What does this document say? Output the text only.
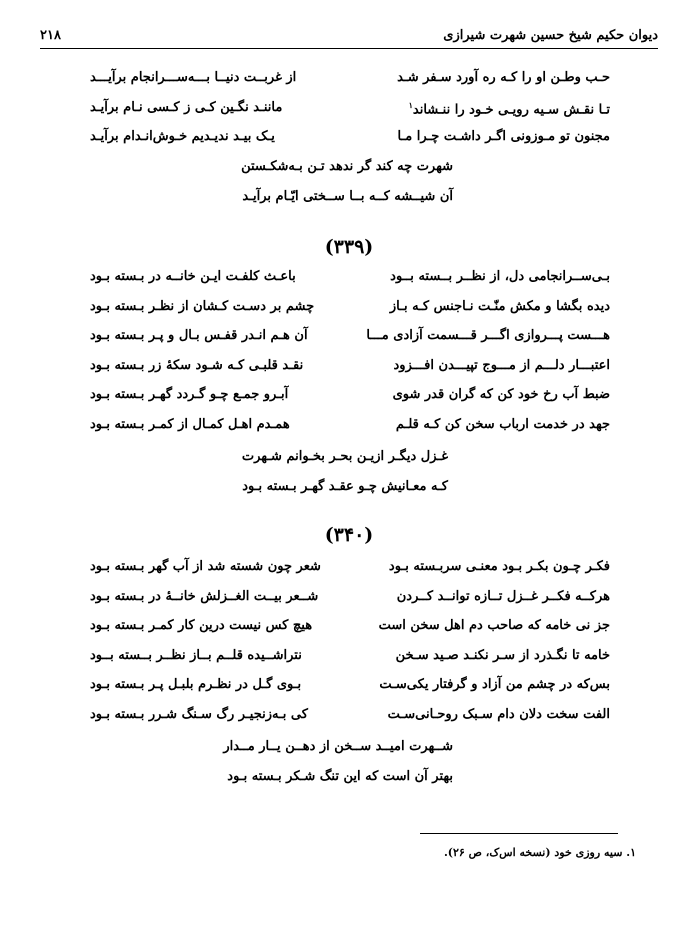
دیوان حکیم شیخ حسین شهرت شیرازی
۲۱۸
حـب وطـن او را کـه ره آورد سـفر شـد
از غربــت دنیــا بـــه‌ســـرانجام برآیـــد
تـا نقـش سـیه رویـی خـود را ننـشاند$^۱$
ماننـد نگـین کـی ز کـسی نـام برآیـد
مجنون تو مـوزونی اگـر داشـت چـرا مـا
یـک بیـد ندیـدیم خـوش‌انـدام برآیـد
شهرت چه کند گر ندهد تـن بـه‌شکـستن
آن شیــشه کــه بــا ســختی ایّـام برآیـد
(۳۳۹)
بـی‌ســرانجامی دل، از نظــر بــسته بــود
باعـث کلفـت ایـن خانــه در بـسته بـود
دیده بگشا و مکش منّـت نـاجنس کـه بـاز
چشم بر دسـت کـشان از نظـر بـسته بـود
هـــست پـــروازی اگـــر قـــسمت آزادی مـــا
آن هـم انـدر قفـس بـال و پـر بـسته بـود
اعتبـــار دلـــم از مـــوج تپیـــدن افـــزود
نقـد قلبـی کـه شـود سکهٔ زر بـسته بـود
ضبط آب رخ خود کن که گران قدر شوی
آبـرو جمـع چـو گـردد گهـر بـسته بـود
جهد در خدمت ارباب سخن کن کـه قلـم
همـدم اهـل کمـال از کمـر بـسته بـود
غـزل دیگـر ازیـن بحـر بخـوانم شـهرت
کـه معـانیش چـو عقـد گهـر بـسته بـود
(۳۴۰)
فکـر چـون بکـر بـود معنـی سربـسته بـود
شعر چون شسته شد از آب گهر بـسته بـود
هرکــه فکــر غــزل تــازه توانــد کــردن
شــعر بیــت الغــزلش خانــهٔ در بـسته بـود
جز نی خامه که صاحب دم اهل سخن است
هیچ کس نیست درین کار کمـر بـسته بـود
خامه تا نگـذرد از سـر نکنـد صـید سـخن
نتراشــیده قلــم بــاز نظــر بــسته بــود
بس‌که در چشم من آزاد و گرفتار یکی‌سـت
بـوی گـل در نظـرم بلبـل پـر بـسته بـود
الفت سخت دلان دام سـبک روحـانی‌سـت
کی بـه‌زنجیـر رگ سـنگ شـرر بـسته بـود
شــهرت امیــد ســخن از دهــن یــار مــدار
بهتر آن است که این تنگ شـکر بـسته بـود
۱. سیه روزی خود (نسخه اس‌ک، ص ۲۶).
